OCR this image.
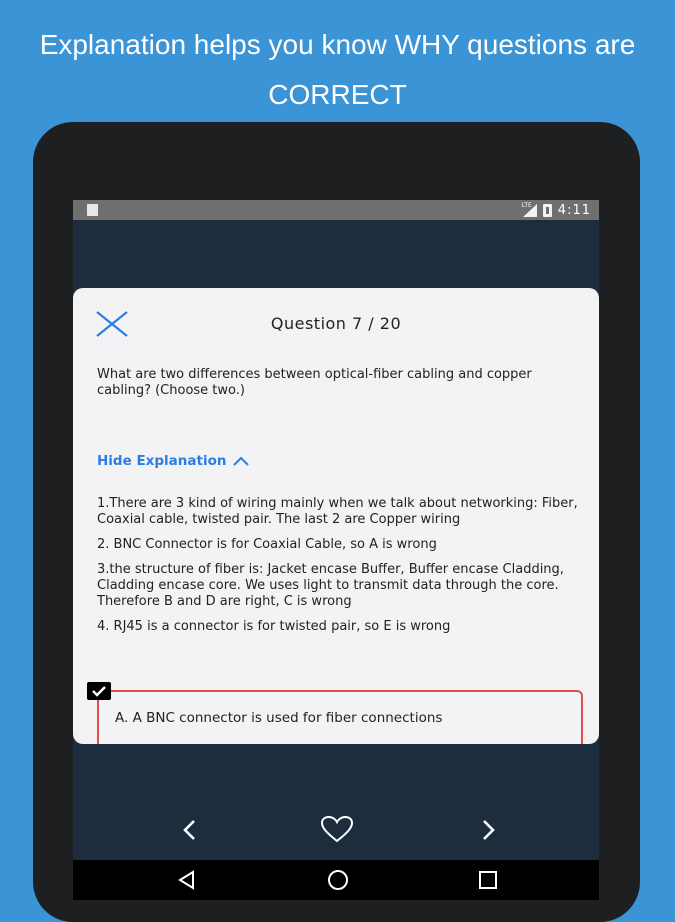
Explanation helps you know WHY questions are
CORRECT
LTE 4:11
Question 7 / 20
What are two differences between optical-fiber cabling and copper cabling? (Choose two.)
Hide Explanation

1.There are 3 kind of wiring mainly when we talk about networking: Fiber, Coaxial cable, twisted pair. The last 2 are Copper wiring

2. BNC Connector is for Coaxial Cable, so A is wrong

3.the structure of fiber is: Jacket encase Buffer, Buffer encase Cladding, Cladding encase core. We uses light to transmit data through the core. Therefore B and D are right, C is wrong

4. RJ45 is a connector is for twisted pair, so E is wrong

A. A BNC connector is used for fiber connections
